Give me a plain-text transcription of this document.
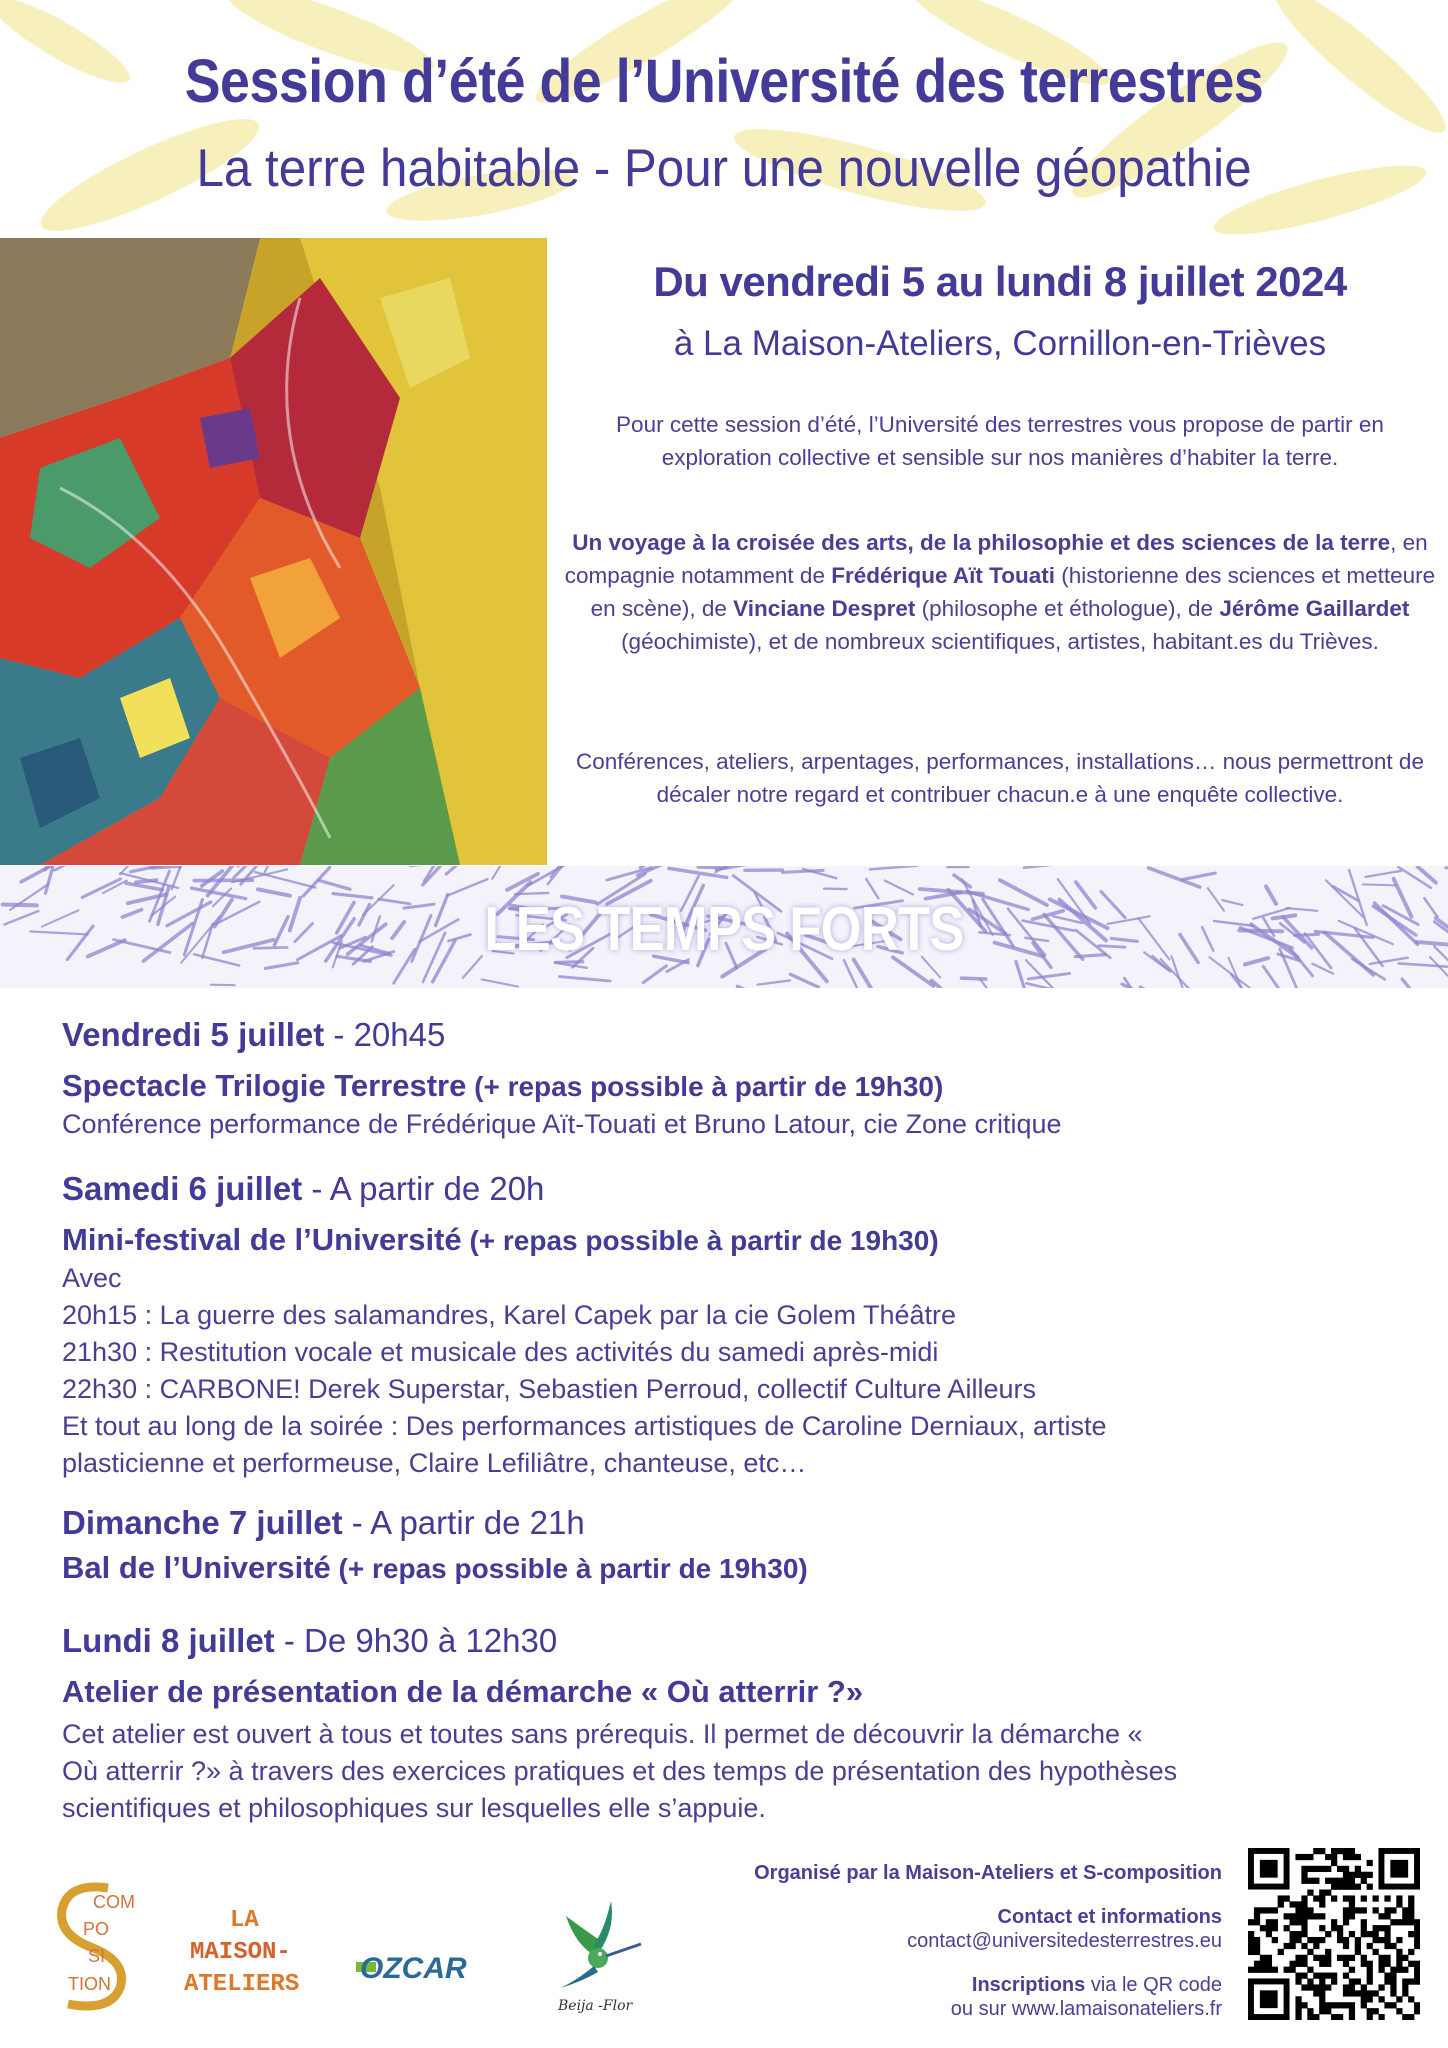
Session d’été de l’Université des terrestres
La terre habitable - Pour une nouvelle géopathie
Du vendredi 5 au lundi 8 juillet 2024
à La Maison-Ateliers, Cornillon-en-Trièves
Pour cette session d’été, l’Université des terrestres vous propose de partir en exploration collective et sensible sur nos manières d’habiter la terre.
Un voyage à la croisée des arts, de la philosophie et des sciences de la terre, en compagnie notamment de Frédérique Aït Touati (historienne des sciences et metteure en scène), de Vinciane Despret (philosophe et éthologue), de Jérôme Gaillardet (géochimiste), et de nombreux scientifiques, artistes, habitant.es du Trièves.
Conférences, ateliers, arpentages, performances, installations… nous permettront de décaler notre regard et contribuer chacun.e à une enquête collective.
LES TEMPS FORTS
Vendredi 5 juillet - 20h45
Spectacle Trilogie Terrestre (+ repas possible à partir de 19h30)
Conférence performance de Frédérique Aït-Touati et Bruno Latour, cie Zone critique
Samedi 6 juillet - A partir de 20h
Mini-festival de l’Université (+ repas possible à partir de 19h30)
Avec
20h15 : La guerre des salamandres, Karel Capek par la cie Golem Théâtre
21h30 : Restitution vocale et musicale des activités du samedi après-midi
22h30 : CARBONE! Derek Superstar, Sebastien Perroud, collectif Culture Ailleurs
Et tout au long de la soirée : Des performances artistiques de Caroline Derniaux, artiste
plasticienne et performeuse, Claire Lefiliâtre, chanteuse, etc…
Dimanche 7 juillet - A partir de 21h
Bal de l’Université (+ repas possible à partir de 19h30)
Lundi 8 juillet - De 9h30 à 12h30
Atelier de présentation de la démarche « Où atterrir ?»
Cet atelier est ouvert à tous et toutes sans prérequis. Il permet de découvrir la démarche «
Où atterrir ?» à travers des exercices pratiques et des temps de présentation des hypothèses
scientifiques et philosophiques sur lesquelles elle s’appuie.
COM
PO
SI
TION
LA
MAISON-
ATELIERS OZCAR
Beija -Flor
Organisé par la Maison-Ateliers et S-composition
Contact et informations
contact@universitedesterrestres.eu
Inscriptions via le QR code
ou sur www.lamaisonateliers.fr
